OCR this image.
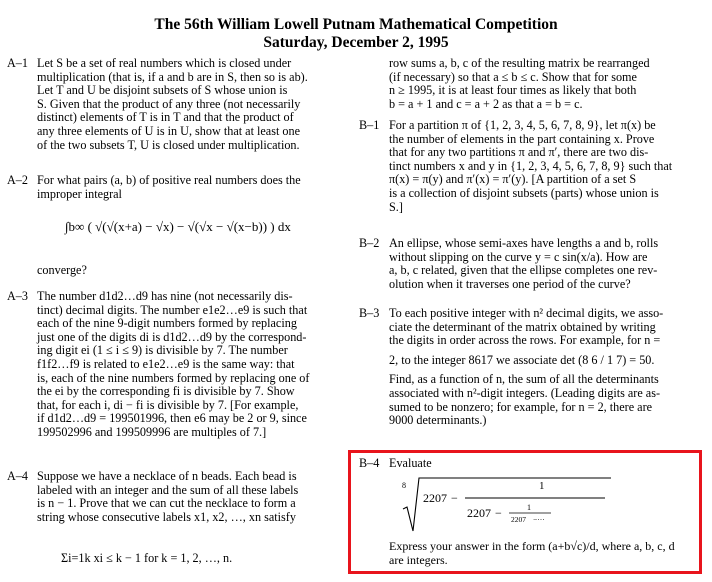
The 56th William Lowell Putnam Mathematical Competition
Saturday, December 2, 1995
A–1 Let S be a set of real numbers which is closed under

multiplication (that is, if a and b are in S, then so is ab).

Let T and U be disjoint subsets of S whose union is

S. Given that the product of any three (not necessarily

distinct) elements of T is in T and that the product of

any three elements of U is in U, show that at least one

of the two subsets T, U is closed under multiplication.

A–2 For what pairs (a, b) of positive real numbers does the

improper integral

∫b∞ ( √(√(x+a) − √x) − √(√x − √(x−b)) ) dx
converge?
A–3 The number d1d2…d9 has nine (not necessarily dis-

tinct) decimal digits. The number e1e2…e9 is such that

each of the nine 9-digit numbers formed by replacing

just one of the digits di is d1d2…d9 by the correspond-

ing digit ei (1 ≤ i ≤ 9) is divisible by 7. The number

f1f2…f9 is related to e1e2…e9 is the same way: that

is, each of the nine numbers formed by replacing one of

the ei by the corresponding fi is divisible by 7. Show

that, for each i, di − fi is divisible by 7. [For example,

if d1d2…d9 = 199501996, then e6 may be 2 or 9, since

199502996 and 199509996 are multiples of 7.]

A–4 Suppose we have a necklace of n beads. Each bead is

labeled with an integer and the sum of all these labels

is n − 1. Prove that we can cut the necklace to form a

string whose consecutive labels x1, x2, …, xn satisfy

Σi=1k xi ≤ k − 1 for k = 1, 2, …, n.

row sums a, b, c of the resulting matrix be rearranged

(if necessary) so that a ≤ b ≤ c. Show that for some

n ≥ 1995, it is at least four times as likely that both

b = a + 1 and c = a + 2 as that a = b = c.

B–1 For a partition π of {1, 2, 3, 4, 5, 6, 7, 8, 9}, let π(x) be

the number of elements in the part containing x. Prove

that for any two partitions π and π′, there are two dis-

tinct numbers x and y in {1, 2, 3, 4, 5, 6, 7, 8, 9} such that

π(x) = π(y) and π′(x) = π′(y). [A partition of a set S

is a collection of disjoint subsets (parts) whose union is

S.]

B–2 An ellipse, whose semi-axes have lengths a and b, rolls

without slipping on the curve y = c sin(x/a). How are

a, b, c related, given that the ellipse completes one rev-

olution when it traverses one period of the curve?

B–3 To each positive integer with n² decimal digits, we asso-

ciate the determinant of the matrix obtained by writing

the digits in order across the rows. For example, for n =

2, to the integer 8617 we associate det (8 6 / 1 7) = 50.

Find, as a function of n, the sum of all the determinants

associated with n²-digit integers. (Leading digits are as-

sumed to be nonzero; for example, for n = 2, there are

9000 determinants.)

B–4 Evaluate

8
2207 −
1
2207 −	1
2207 −···

Express your answer in the form (a+b√c)/d, where a, b, c, d

are integers.
